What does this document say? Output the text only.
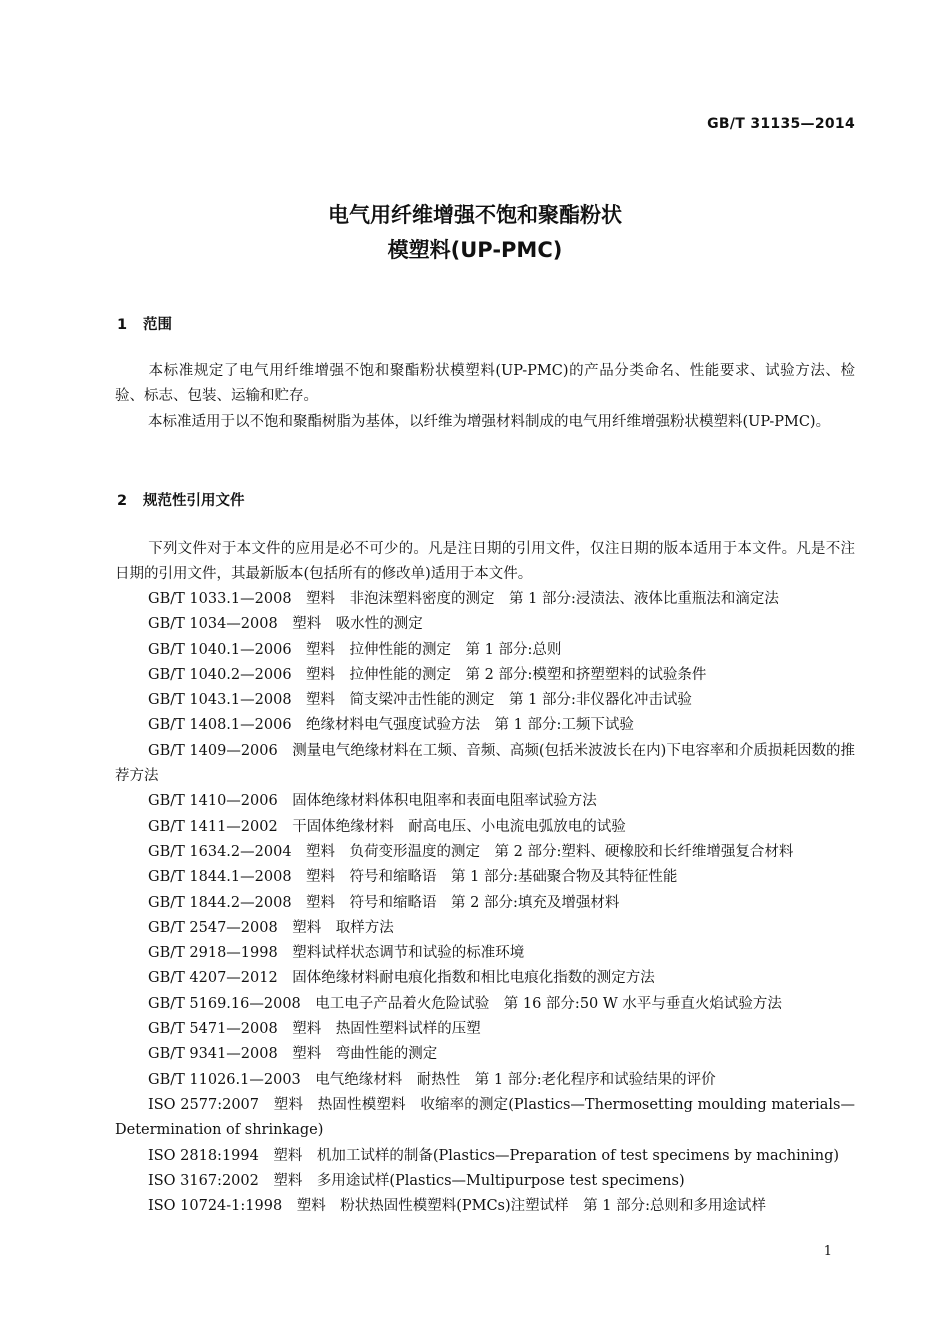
GB/T 31135—2014
电气用纤维增强不饱和聚酯粉状
模塑料(UP-PMC)
1 范围
本标准规定了电气用纤维增强不饱和聚酯粉状模塑料(UP-PMC)的产品分类命名、性能要求、试验方法、检验、标志、包装、运输和贮存。
本标准适用于以不饱和聚酯树脂为基体，以纤维为增强材料制成的电气用纤维增强粉状模塑料(UP-PMC)。
2 规范性引用文件
下列文件对于本文件的应用是必不可少的。凡是注日期的引用文件，仅注日期的版本适用于本文件。凡是不注日期的引用文件，其最新版本(包括所有的修改单)适用于本文件。

GB/T 1033.1—2008　塑料　非泡沫塑料密度的测定　第 1 部分:浸渍法、液体比重瓶法和滴定法

GB/T 1034—2008　塑料　吸水性的测定

GB/T 1040.1—2006　塑料　拉伸性能的测定　第 1 部分:总则

GB/T 1040.2—2006　塑料　拉伸性能的测定　第 2 部分:模塑和挤塑塑料的试验条件

GB/T 1043.1—2008　塑料　简支梁冲击性能的测定　第 1 部分:非仪器化冲击试验

GB/T 1408.1—2006　绝缘材料电气强度试验方法　第 1 部分:工频下试验

GB/T 1409—2006　测量电气绝缘材料在工频、音频、高频(包括米波波长在内)下电容率和介质损耗因数的推荐方法

GB/T 1410—2006　固体绝缘材料体积电阻率和表面电阻率试验方法

GB/T 1411—2002　干固体绝缘材料　耐高电压、小电流电弧放电的试验

GB/T 1634.2—2004　塑料　负荷变形温度的测定　第 2 部分:塑料、硬橡胶和长纤维增强复合材料

GB/T 1844.1—2008　塑料　符号和缩略语　第 1 部分:基础聚合物及其特征性能

GB/T 1844.2—2008　塑料　符号和缩略语　第 2 部分:填充及增强材料

GB/T 2547—2008　塑料　取样方法

GB/T 2918—1998　塑料试样状态调节和试验的标准环境

GB/T 4207—2012　固体绝缘材料耐电痕化指数和相比电痕化指数的测定方法

GB/T 5169.16—2008　电工电子产品着火危险试验　第 16 部分:50 W 水平与垂直火焰试验方法

GB/T 5471—2008　塑料　热固性塑料试样的压塑

GB/T 9341—2008　塑料　弯曲性能的测定

GB/T 11026.1—2003　电气绝缘材料　耐热性　第 1 部分:老化程序和试验结果的评价

ISO 2577:2007　塑料　热固性模塑料　收缩率的测定(Plastics—Thermosetting moulding materials—Determination of shrinkage)

ISO 2818:1994　塑料　机加工试样的制备(Plastics—Preparation of test specimens by machining)

ISO 3167:2002　塑料　多用途试样(Plastics—Multipurpose test specimens)

ISO 10724-1:1998　塑料　粉状热固性模塑料(PMCs)注塑试样　第 1 部分:总则和多用途试样

1
